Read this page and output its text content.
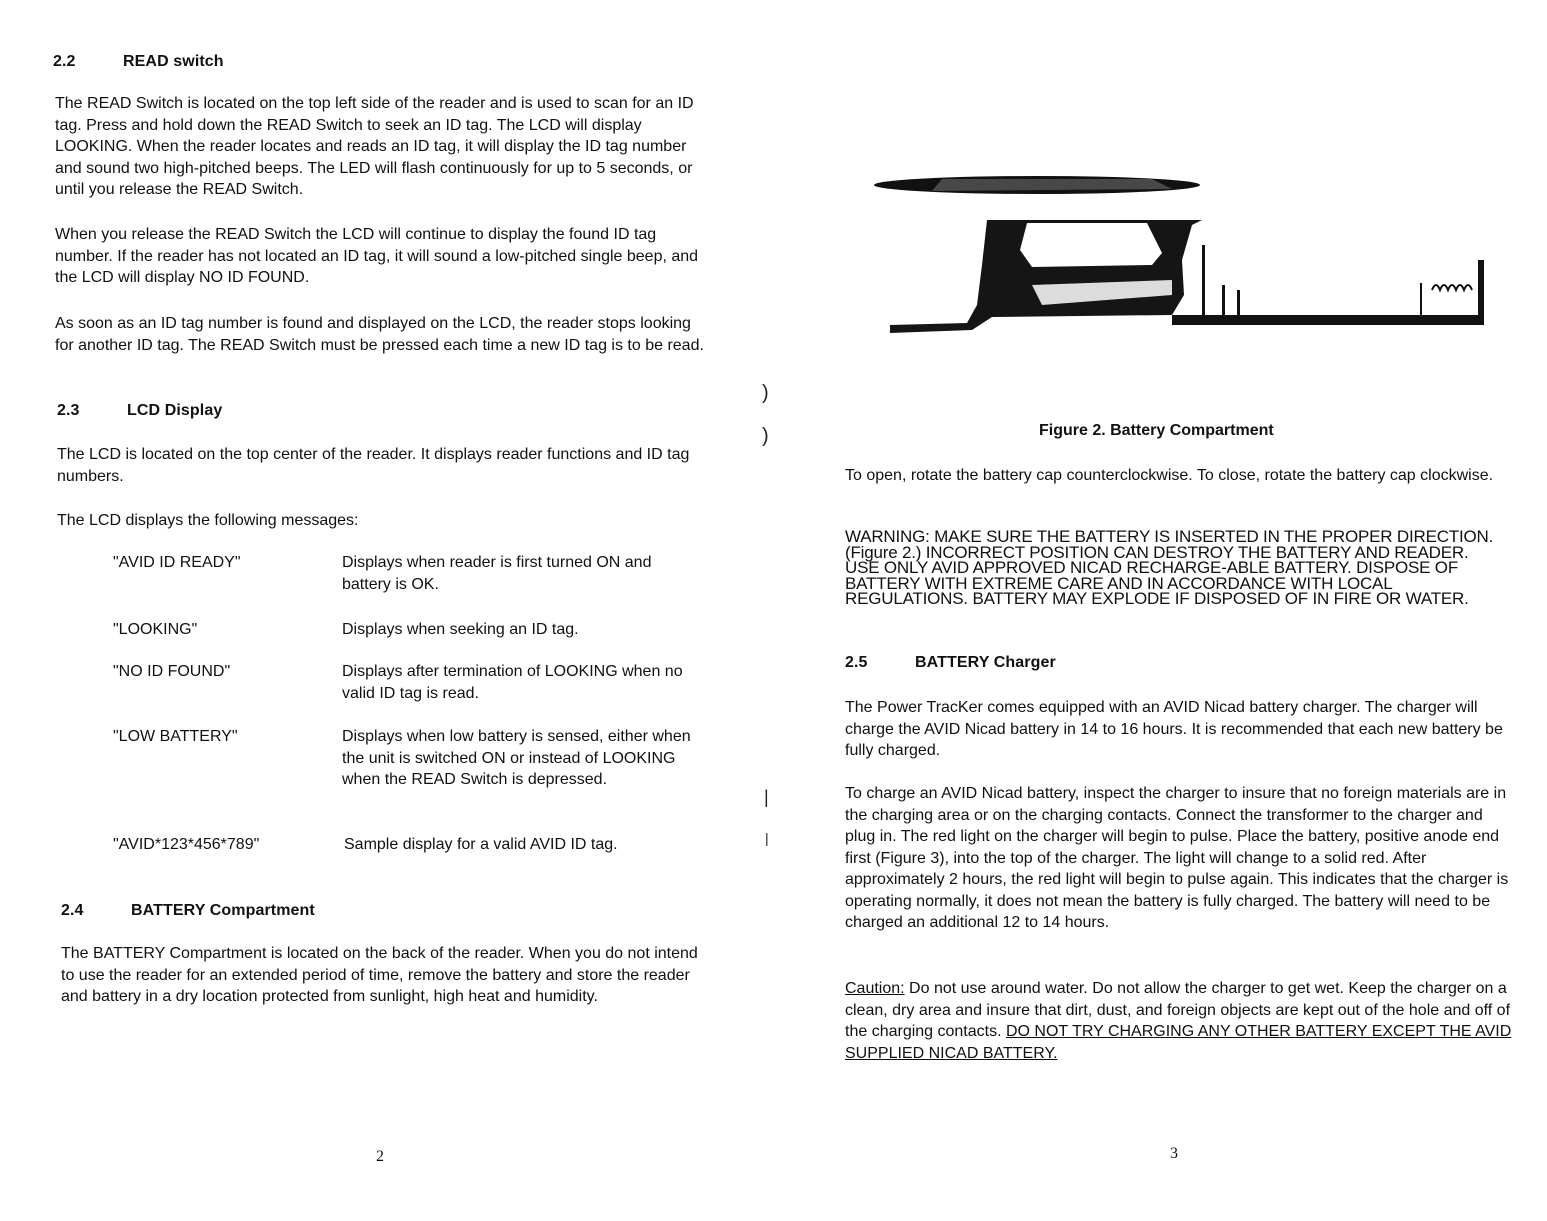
2.2	READ switch

The READ Switch is located on the top left side of the reader and is used to scan for an ID tag. Press and hold down the READ Switch to seek an ID tag. The LCD will display LOOKING. When the reader locates and reads an ID tag, it will display the ID tag number and sound two high-pitched beeps. The LED will flash continuously for up to 5 seconds, or until you release the READ Switch.

When you release the READ Switch the LCD will continue to display the found ID tag number. If the reader has not located an ID tag, it will sound a low-pitched single beep, and the LCD will display NO ID FOUND.

As soon as an ID tag number is found and displayed on the LCD, the reader stops looking for another ID tag. The READ Switch must be pressed each time a new ID tag is to be read.

2.3	LCD Display

The LCD is located on the top center of the reader. It displays reader functions and ID tag numbers.

The LCD displays the following messages:

"AVID ID READY"	Displays when reader is first turned ON and battery is OK.
"LOOKING"	Displays when seeking an ID tag.
"NO ID FOUND"	Displays after termination of LOOKING when no valid ID tag is read.
"LOW BATTERY"	Displays when low battery is sensed, either when the unit is switched ON or instead of LOOKING when the READ Switch is depressed.
"AVID*123*456*789"	Sample display for a valid AVID ID tag.
2.4	BATTERY Compartment

The BATTERY Compartment is located on the back of the reader. When you do not intend to use the reader for an extended period of time, remove the battery and store the reader and battery in a dry location protected from sunlight, high heat and humidity.

2
)
)
|
|
Figure 2. Battery Compartment

To open, rotate the battery cap counterclockwise. To close, rotate the battery cap clockwise.

WARNING: MAKE SURE THE BATTERY IS INSERTED IN THE PROPER DIRECTION. (Figure 2.) INCORRECT POSITION CAN DESTROY THE BATTERY AND READER. USE ONLY AVID APPROVED NICAD RECHARGE-ABLE BATTERY. DISPOSE OF BATTERY WITH EXTREME CARE AND IN ACCORDANCE WITH LOCAL REGULATIONS. BATTERY MAY EXPLODE IF DISPOSED OF IN FIRE OR WATER.

2.5	BATTERY Charger

The Power TracKer comes equipped with an AVID Nicad battery charger. The charger will charge the AVID Nicad battery in 14 to 16 hours. It is recommended that each new battery be fully charged.

To charge an AVID Nicad battery, inspect the charger to insure that no foreign materials are in the charging area or on the charging contacts. Connect the transformer to the charger and plug in. The red light on the charger will begin to pulse. Place the battery, positive anode end first (Figure 3), into the top of the charger. The light will change to a solid red. After approximately 2 hours, the red light will begin to pulse again. This indicates that the charger is operating normally, it does not mean the battery is fully charged. The battery will need to be charged an additional 12 to 14 hours.

Caution: Do not use around water. Do not allow the charger to get wet. Keep the charger on a clean, dry area and insure that dirt, dust, and foreign objects are kept out of the hole and off of the charging contacts. DO NOT TRY CHARGING ANY OTHER BATTERY EXCEPT THE AVID SUPPLIED NICAD BATTERY.

3
